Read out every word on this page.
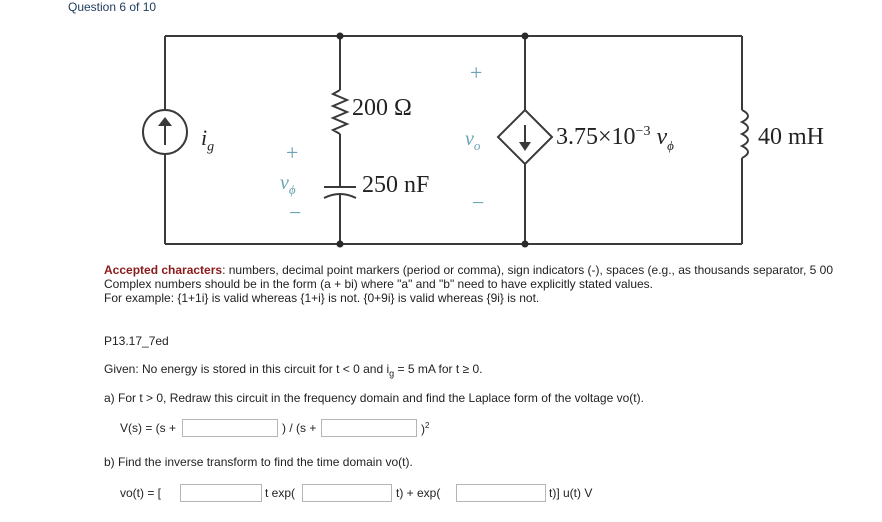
Question 6 of 10
$i_g$
200 Ω
250 nF
+
$v_\phi$
−
+
$v_o$
−
$3.75\times 10^{-3}$ $v_\phi$	40 mH
Accepted characters: numbers, decimal point markers (period or comma), sign indicators (-), spaces (e.g., as thousands separator, 5 00
Complex numbers should be in the form (a + bi) where "a" and "b" need to have explicitly stated values.
For example: {1+1i} is valid whereas {1+i} is not. {0+9i} is valid whereas {9i} is not.
P13.17_7ed
Given: No energy is stored in this circuit for t < 0 and $i_g = 5$ mA for t ≥ 0.
a) For t > 0, Redraw this circuit in the frequency domain and find the Laplace form of the voltage vo(t).
V(s) = (s +	) / (s +	)$^2$
b) Find the inverse transform to find the time domain vo(t).
vo(t) = [	t exp(	t) + exp(	t)] u(t) V
